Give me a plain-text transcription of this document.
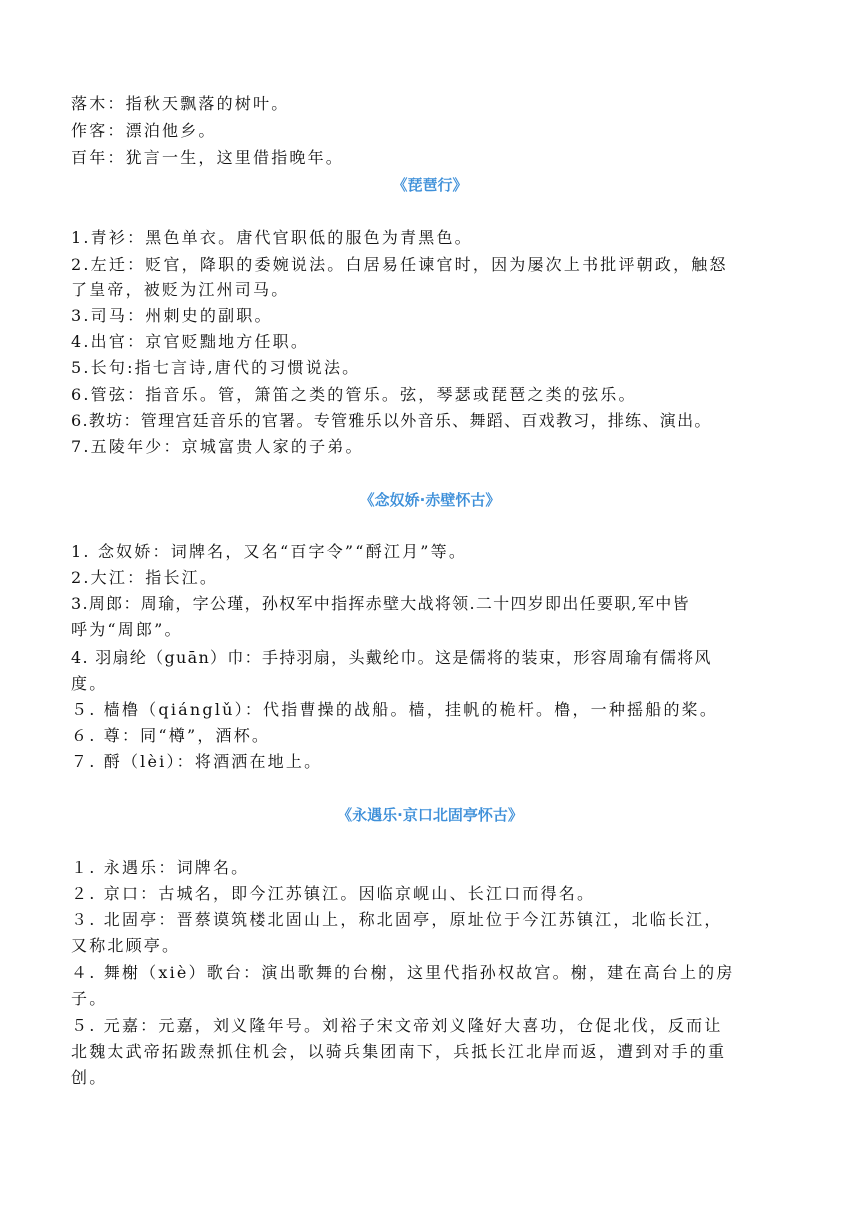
落木：指秋天飘落的树叶。
作客：漂泊他乡。
百年：犹言一生，这里借指晚年。
《琵琶行》
1.青衫：黑色单衣。唐代官职低的服色为青黑色。
2.左迁：贬官，降职的委婉说法。白居易任谏官时，因为屡次上书批评朝政，触怒
了皇帝，被贬为江州司马。
3.司马：州刺史的副职。
4.出官：京官贬黜地方任职。
5.长句:指七言诗,唐代的习惯说法。
6.管弦：指音乐。管，箫笛之类的管乐。弦，琴瑟或琵琶之类的弦乐。
6.教坊：管理宫廷音乐的官署。专管雅乐以外音乐、舞蹈、百戏教习，排练、演出。
7.五陵年少：京城富贵人家的子弟。
《念奴娇·赤壁怀古》
1. 念奴娇：词牌名，又名“百字令”“酹江月”等。
2.大江：指长江。
3.周郎：周瑜，字公瑾，孙权军中指挥赤壁大战将领.二十四岁即出任要职,军中皆
呼为“周郎”。
4. 羽扇纶（guān）巾：手持羽扇，头戴纶巾。这是儒将的装束，形容周瑜有儒将风
度。
５. 樯橹（qiánglǔ）：代指曹操的战船。樯，挂帆的桅杆。橹，一种摇船的桨。
６. 尊：同“樽”，酒杯。
７. 酹（lèi）：将酒洒在地上。
《永遇乐·京口北固亭怀古》
１. 永遇乐：词牌名。
２. 京口：古城名，即今江苏镇江。因临京岘山、长江口而得名。
３. 北固亭：晋蔡谟筑楼北固山上，称北固亭，原址位于今江苏镇江，北临长江，
又称北顾亭。
４. 舞榭（xiè）歌台：演出歌舞的台榭，这里代指孙权故宫。榭，建在高台上的房
子。
５. 元嘉：元嘉，刘义隆年号。刘裕子宋文帝刘义隆好大喜功，仓促北伐，反而让
北魏太武帝拓跋焘抓住机会，以骑兵集团南下，兵抵长江北岸而返，遭到对手的重
创。
